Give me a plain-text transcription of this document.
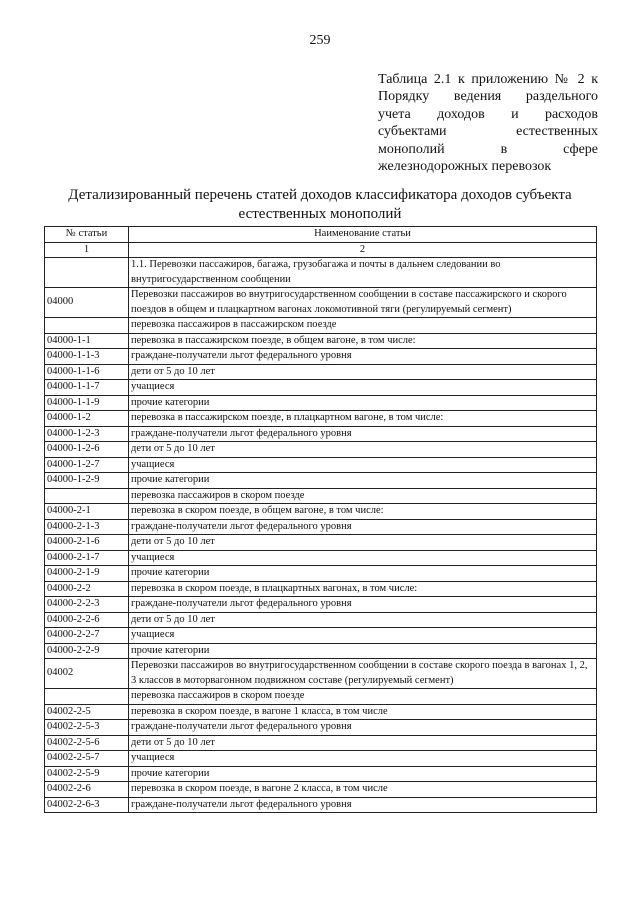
259
Таблица 2.1 к приложению № 2 к
Порядку ведения раздельного
учета доходов и расходов
субъектами естественных
монополий в сфере
железнодорожных перевозок
Детализированный перечень статей доходов классификатора доходов субъекта
естественных монополий
№ статьи	Наименование статьи
1	2
	1.1. Перевозки пассажиров, багажа, грузобагажа и почты в дальнем следовании во внутригосударственном сообщении
04000	Перевозки пассажиров во внутригосударственном сообщении в составе пассажирского и скорого поездов в общем и плацкартном вагонах локомотивной тяги (регулируемый сегмент)
	перевозка пассажиров в пассажирском поезде
04000-1-1	перевозка в пассажирском поезде, в общем вагоне, в том числе:
04000-1-1-3	граждане-получатели льгот федерального уровня
04000-1-1-6	дети от 5 до 10 лет
04000-1-1-7	учащиеся
04000-1-1-9	прочие категории
04000-1-2	перевозка в пассажирском поезде, в плацкартном вагоне, в том числе:
04000-1-2-3	граждане-получатели льгот федерального уровня
04000-1-2-6	дети от 5 до 10 лет
04000-1-2-7	учащиеся
04000-1-2-9	прочие категории
	перевозка пассажиров в скором поезде
04000-2-1	перевозка в скором поезде, в общем вагоне, в том числе:
04000-2-1-3	граждане-получатели льгот федерального уровня
04000-2-1-6	дети от 5 до 10 лет
04000-2-1-7	учащиеся
04000-2-1-9	прочие категории
04000-2-2	перевозка в скором поезде, в плацкартных вагонах, в том числе:
04000-2-2-3	граждане-получатели льгот федерального уровня
04000-2-2-6	дети от 5 до 10 лет
04000-2-2-7	учащиеся
04000-2-2-9	прочие категории
04002	Перевозки пассажиров во внутригосударственном сообщении в составе скорого поезда в вагонах 1, 2, 3 классов в моторвагонном подвижном составе (регулируемый сегмент)
	перевозка пассажиров в скором поезде
04002-2-5	перевозка в скором поезде, в вагоне 1 класса, в том числе
04002-2-5-3	граждане-получатели льгот федерального уровня
04002-2-5-6	дети от 5 до 10 лет
04002-2-5-7	учащиеся
04002-2-5-9	прочие категории
04002-2-6	перевозка в скором поезде, в вагоне 2 класса, в том числе
04002-2-6-3	граждане-получатели льгот федерального уровня
